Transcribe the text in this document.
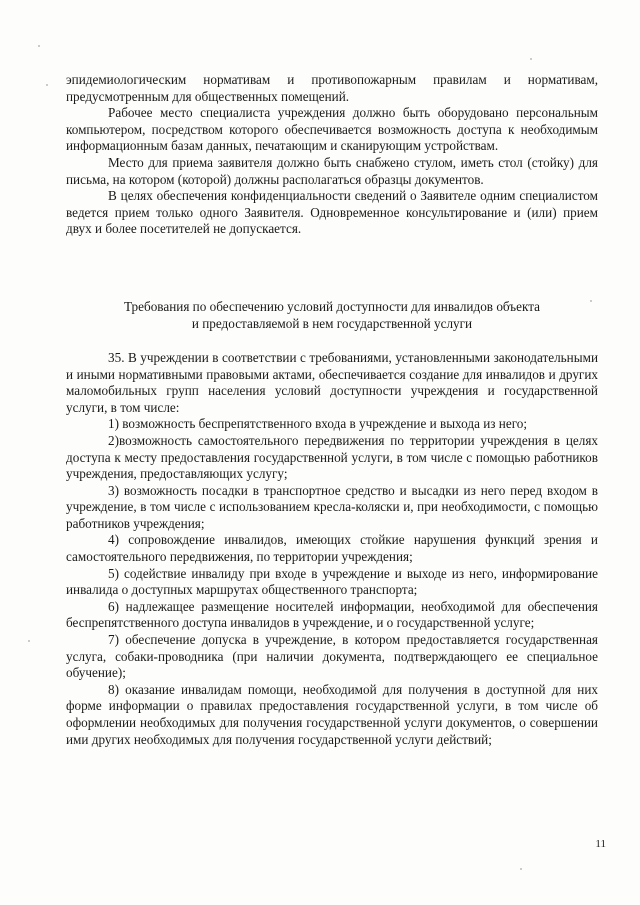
эпидемиологическим нормативам и противопожарным правилам и нормативам, предусмотренным для общественных помещений.

Рабочее место специалиста учреждения должно быть оборудовано персональным компьютером, посредством которого обеспечивается возможность доступа к необходимым информационным базам данных, печатающим и сканирующим устройствам.

Место для приема заявителя должно быть снабжено стулом, иметь стол (стойку) для письма, на котором (которой) должны располагаться образцы документов.

В целях обеспечения конфиденциальности сведений о Заявителе одним специалистом ведется прием только одного Заявителя. Одновременное консультирование и (или) прием двух и более посетителей не допускается.

Требования по обеспечению условий доступности для инвалидов объекта
и предоставляемой в нем государственной услуги

35. В учреждении в соответствии с требованиями, установленными законодательными и иными нормативными правовыми актами, обеспечивается создание для инвалидов и других маломобильных групп населения условий доступности учреждения и государственной услуги, в том числе:

1) возможность беспрепятственного входа в учреждение и выхода из него;

2)возможность самостоятельного передвижения по территории учреждения в целях доступа к месту предоставления государственной услуги, в том числе с помощью работников учреждения, предоставляющих услугу;

3) возможность посадки в транспортное средство и высадки из него перед входом в учреждение, в том числе с использованием кресла-коляски и, при необходимости, с помощью работников учреждения;

4) сопровождение инвалидов, имеющих стойкие нарушения функций зрения и самостоятельного передвижения, по территории учреждения;

5) содействие инвалиду при входе в учреждение и выходе из него, информирование инвалида о доступных маршрутах общественного транспорта;

6) надлежащее размещение носителей информации, необходимой для обеспечения беспрепятственного доступа инвалидов в учреждение, и о государственной услуге;

7) обеспечение допуска в учреждение, в котором предоставляется государственная услуга, собаки-проводника (при наличии документа, подтверждающего ее специальное обучение);

8) оказание инвалидам помощи, необходимой для получения в доступной для них форме информации о правилах предоставления государственной услуги, в том числе об оформлении необходимых для получения государственной услуги документов, о совершении ими других необходимых для получения государственной услуги действий;

11
